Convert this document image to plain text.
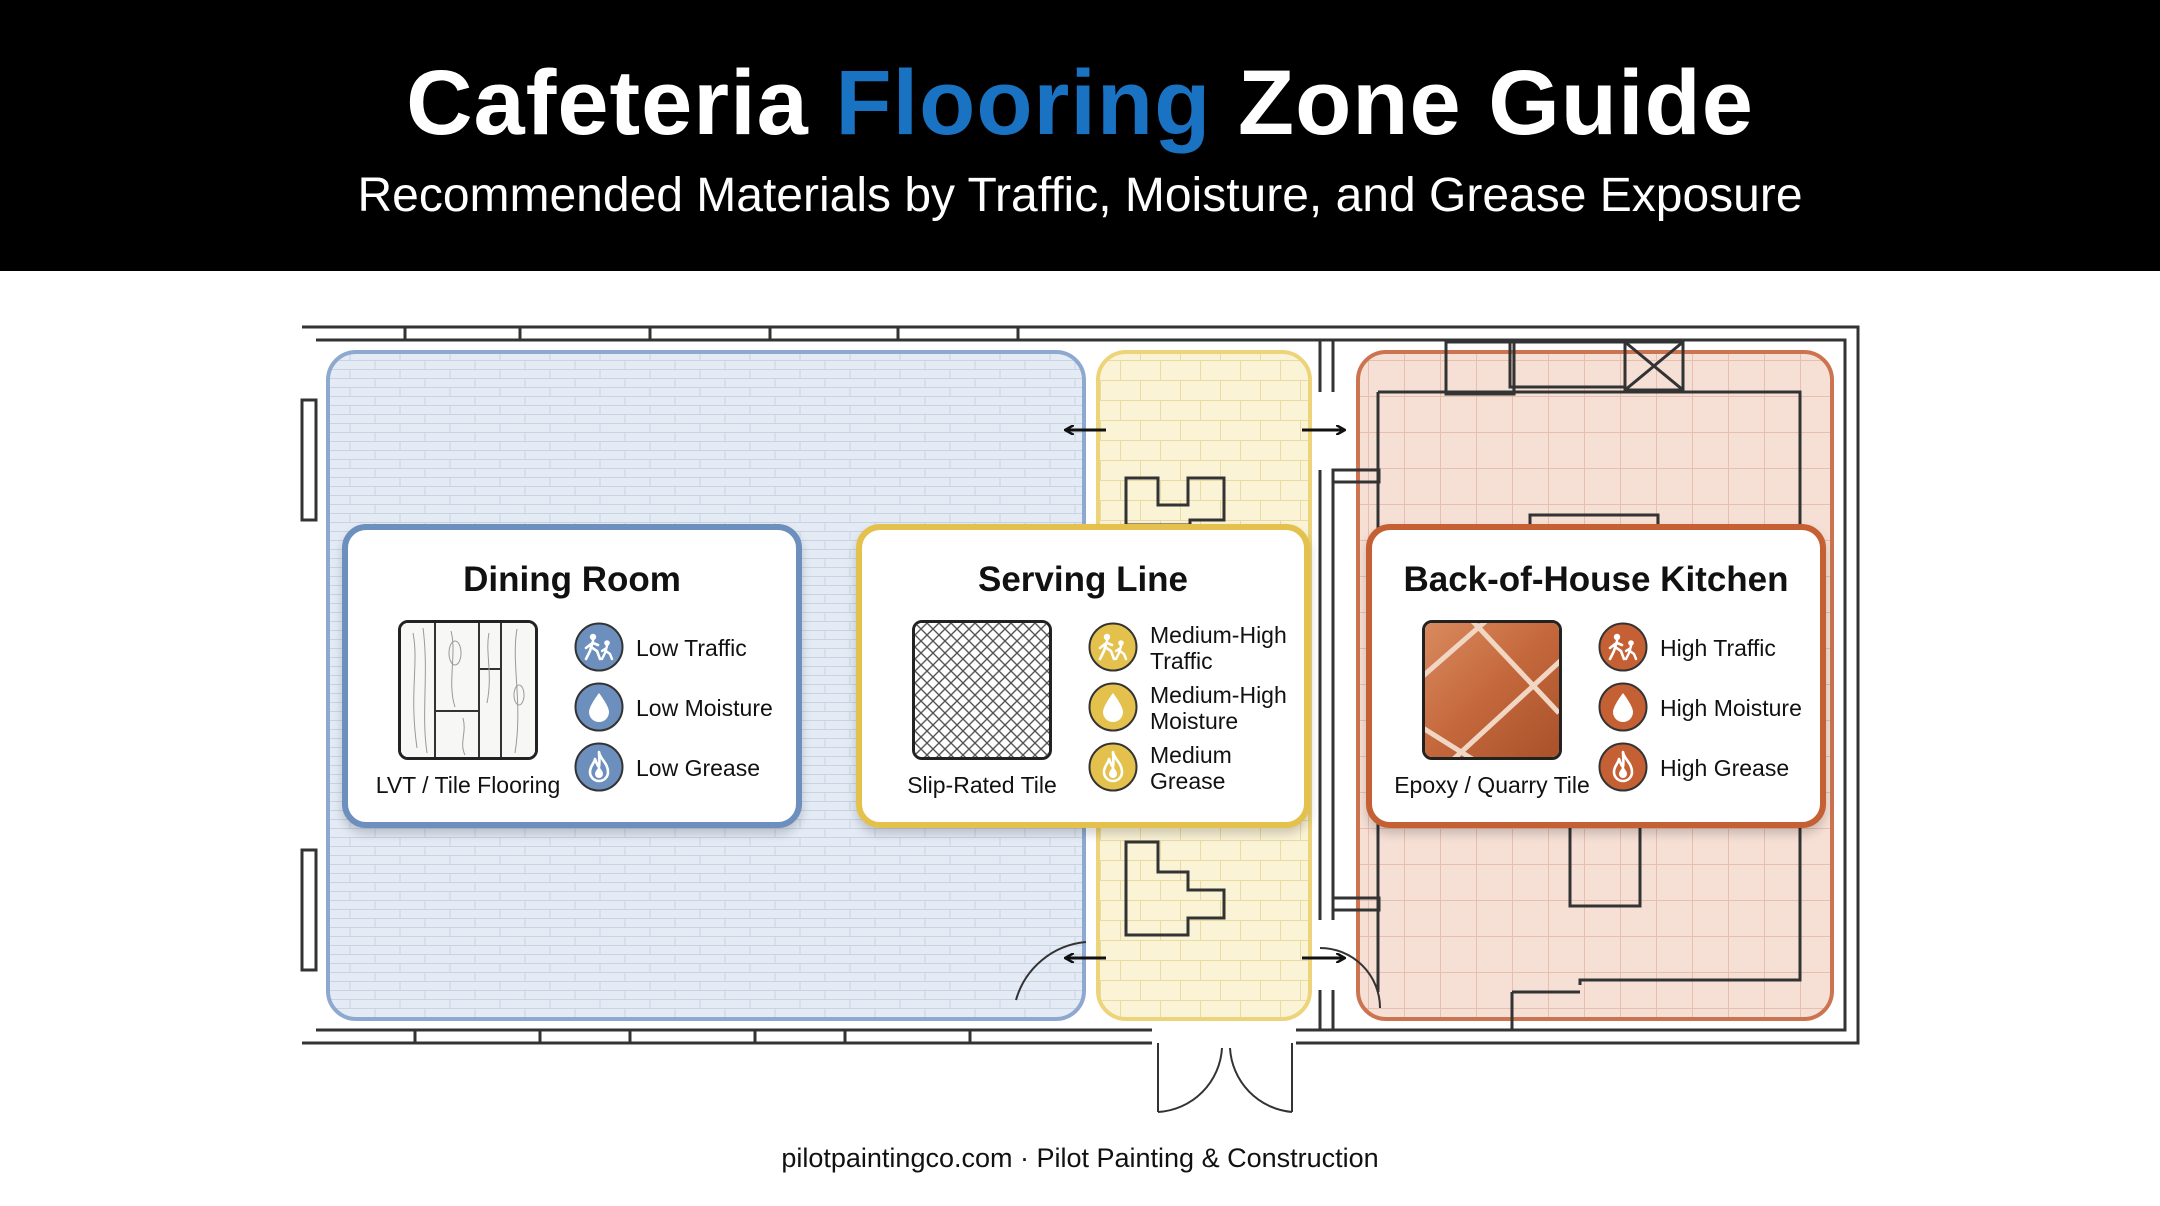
Cafeteria Flooring Zone Guide
Recommended Materials by Traffic, Moisture, and Grease Exposure
Dining Room
LVT / Tile Flooring
Low Traffic
Low Moisture
Low Grease
Serving Line
Slip-Rated Tile
Medium-High
Traffic
Medium-High
Moisture
Medium
Grease
Back-of-House Kitchen
Epoxy / Quarry Tile
High Traffic
High Moisture
High Grease
pilotpaintingco.com · Pilot Painting & Construction
